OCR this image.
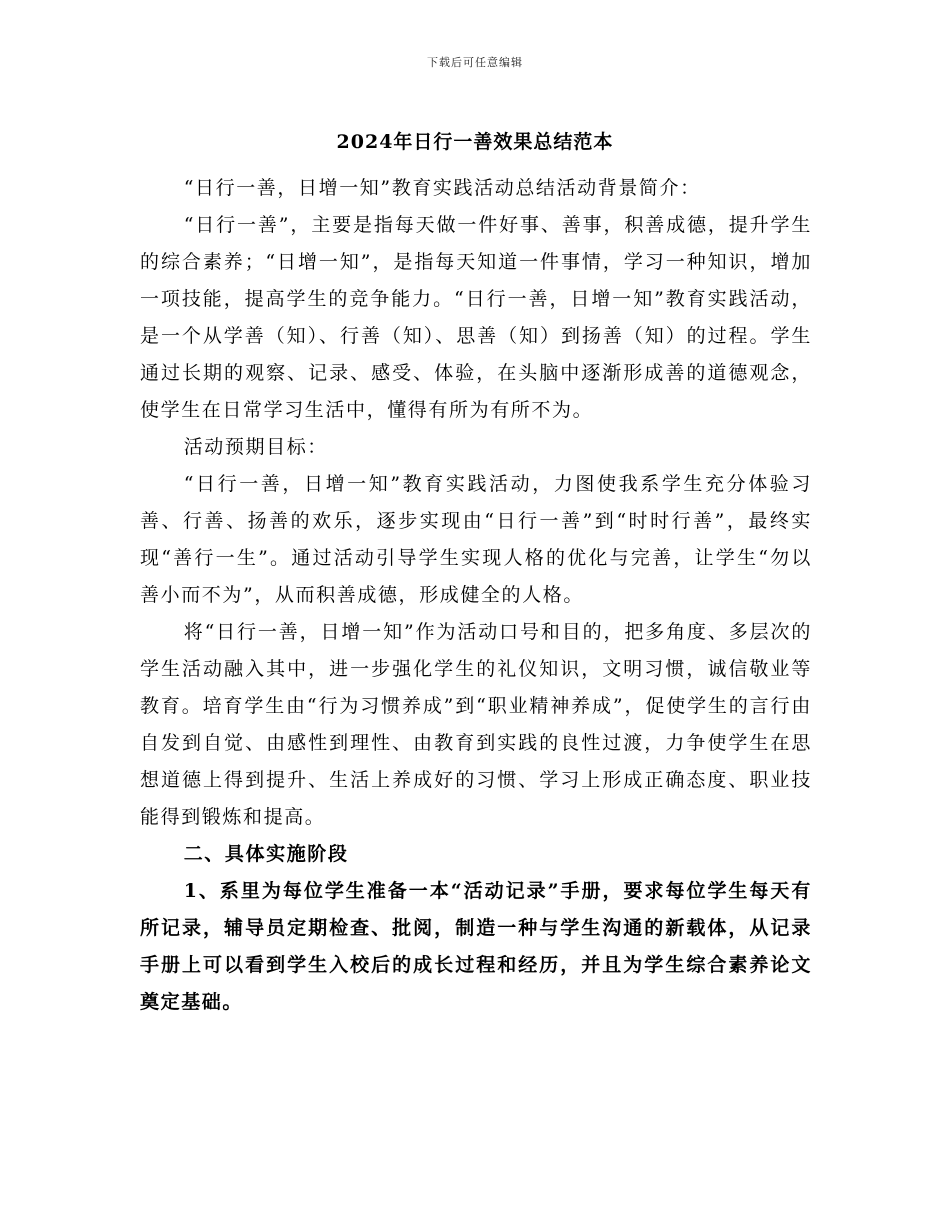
下载后可任意编辑
2024年日行一善效果总结范本

“日行一善，日增一知”教育实践活动总结活动背景简介：

“日行一善”，主要是指每天做一件好事、善事，积善成德，提升学生的综合素养；“日增一知”，是指每天知道一件事情，学习一种知识，增加一项技能，提高学生的竞争能力。“日行一善，日增一知”教育实践活动，是一个从学善（知）、行善（知）、思善（知）到扬善（知）的过程。学生通过长期的观察、记录、感受、体验，在头脑中逐渐形成善的道德观念，使学生在日常学习生活中，懂得有所为有所不为。

活动预期目标：

“日行一善，日增一知”教育实践活动，力图使我系学生充分体验习善、行善、扬善的欢乐，逐步实现由“日行一善”到“时时行善”，最终实现“善行一生”。通过活动引导学生实现人格的优化与完善，让学生“勿以善小而不为”，从而积善成德，形成健全的人格。

将“日行一善，日增一知”作为活动口号和目的，把多角度、多层次的学生活动融入其中，进一步强化学生的礼仪知识，文明习惯，诚信敬业等教育。培育学生由“行为习惯养成”到“职业精神养成”，促使学生的言行由自发到自觉、由感性到理性、由教育到实践的良性过渡，力争使学生在思想道德上得到提升、生活上养成好的习惯、学习上形成正确态度、职业技能得到锻炼和提高。

二、具体实施阶段

1、系里为每位学生准备一本“活动记录”手册，要求每位学生每天有所记录，辅导员定期检查、批阅，制造一种与学生沟通的新载体，从记录手册上可以看到学生入校后的成长过程和经历，并且为学生综合素养论文奠定基础。
